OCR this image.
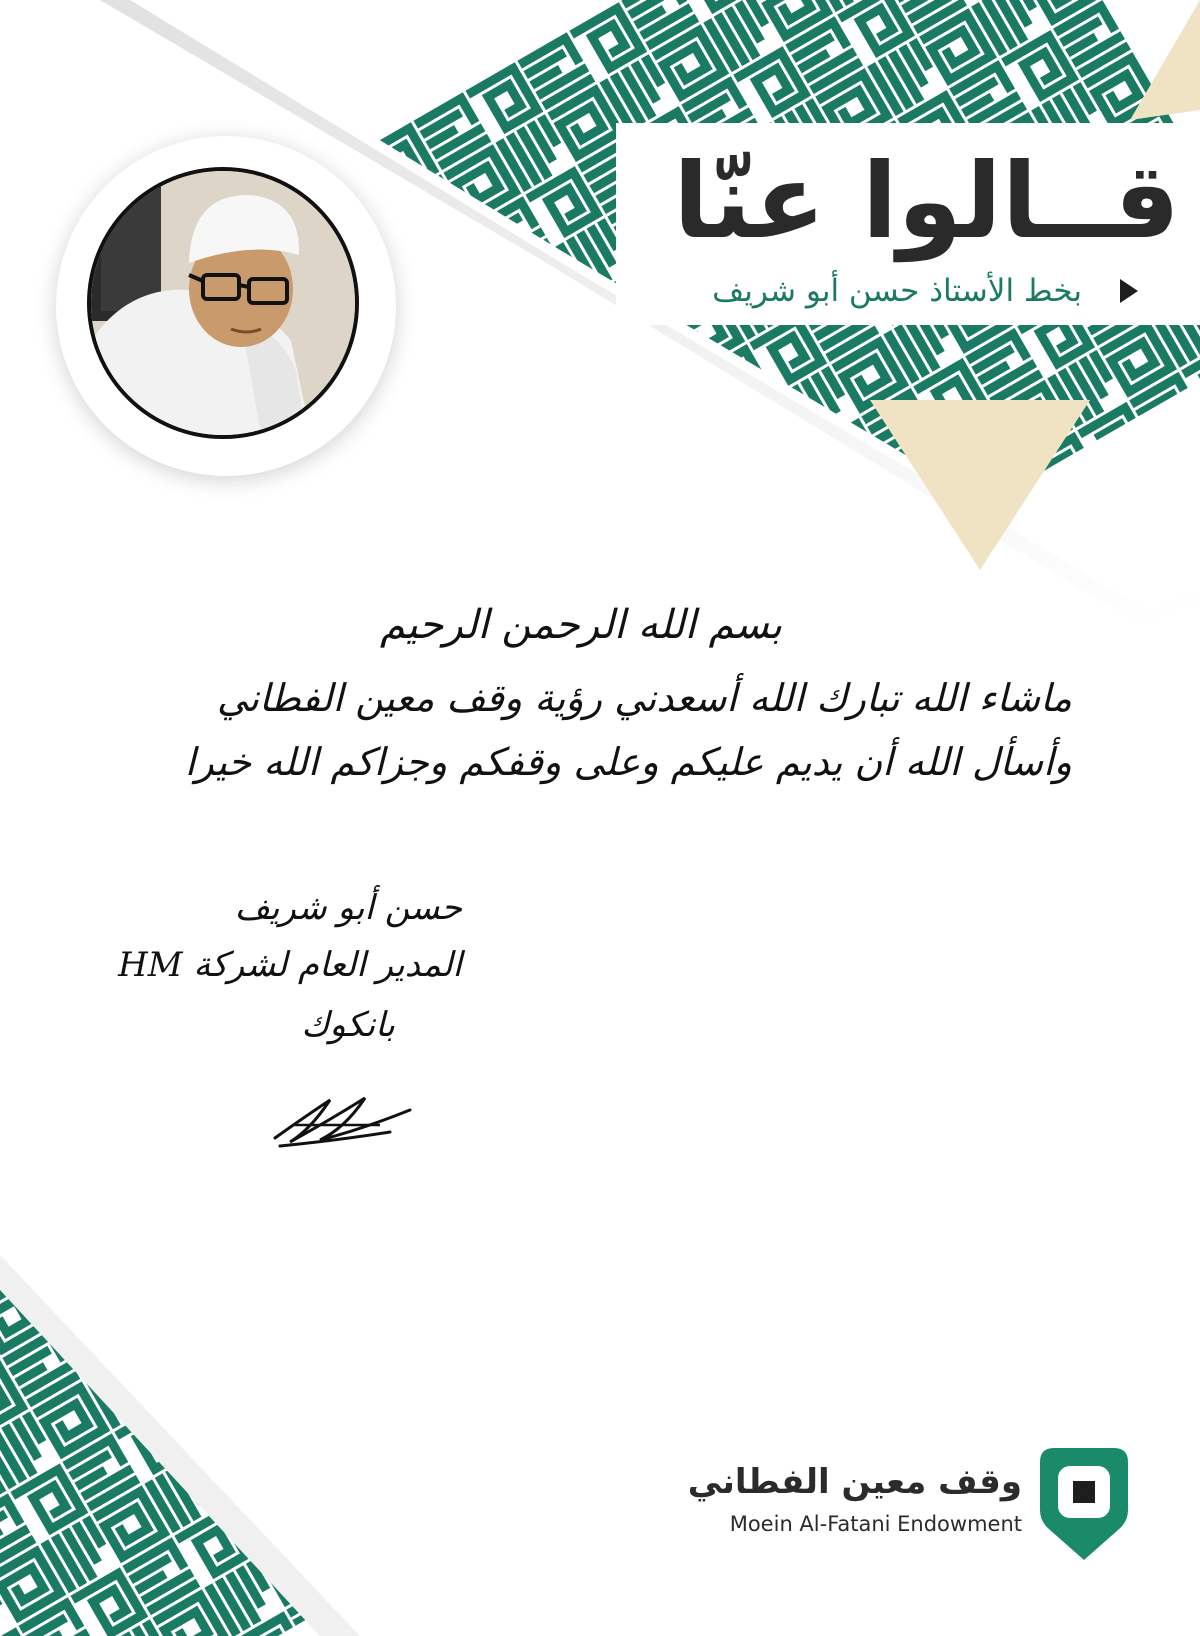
قــالوا عنّا
بخط الأستاذ حسن أبو شريف
بسم الله الرحمن الرحيم
ماشاء الله تبارك الله أسعدني رؤية وقف معين الفطاني
وأسأل الله أن يديم عليكم وعلى وقفكم وجزاكم الله خيرا
حسن أبو شريف
المدير العام لشركة HM
بانكوك
وقف معين الفطاني
Moein Al-Fatani Endowment
